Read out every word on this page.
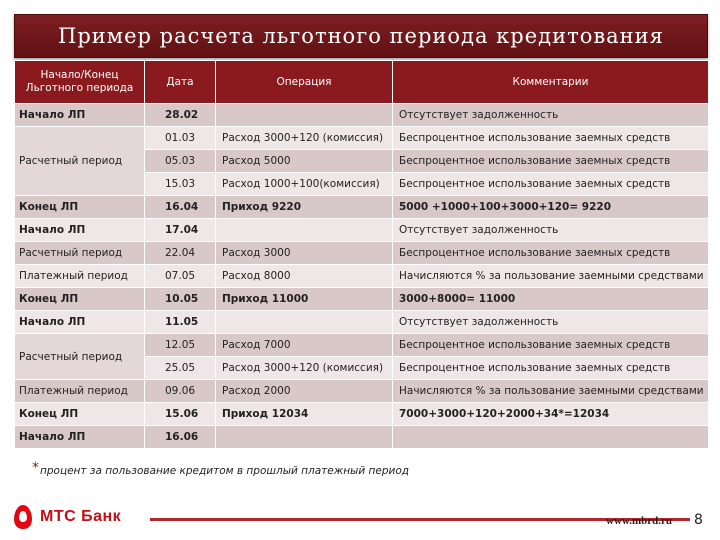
Пример расчета льготного периода кредитования
Начало/Конец Льготного периода	Дата	Операция	Комментарии
Начало ЛП	28.02		Отсутствует задолженность
Расчетный период	01.03	Расход 3000+120 (комиссия)	Беспроцентное использование заемных средств
	05.03	Расход 5000	Беспроцентное использование заемных средств
	15.03	Расход 1000+100(комиссия)	Беспроцентное использование заемных средств
Конец ЛП	16.04	Приход 9220	5000 +1000+100+3000+120= 9220
Начало ЛП	17.04		Отсутствует задолженность
Расчетный период	22.04	Расход 3000	Беспроцентное использование заемных средств
Платежный период	07.05	Расход 8000	Начисляются % за пользование заемными средствами
Конец ЛП	10.05	Приход 11000	3000+8000= 11000
Начало ЛП	11.05		Отсутствует задолженность
Расчетный период	12.05	Расход 7000	Беспроцентное использование заемных средств
	25.05	Расход 3000+120 (комиссия)	Беспроцентное использование заемных средств
Платежный период	09.06	Расход 2000	Начисляются % за пользование заемными средствами
Конец ЛП	15.06	Приход 12034	7000+3000+120+2000+34*=12034
Начало ЛП	16.06		
*процент за пользование кредитом в прошлый платежный период
МТС Банк	www.mbrd.ru 8
